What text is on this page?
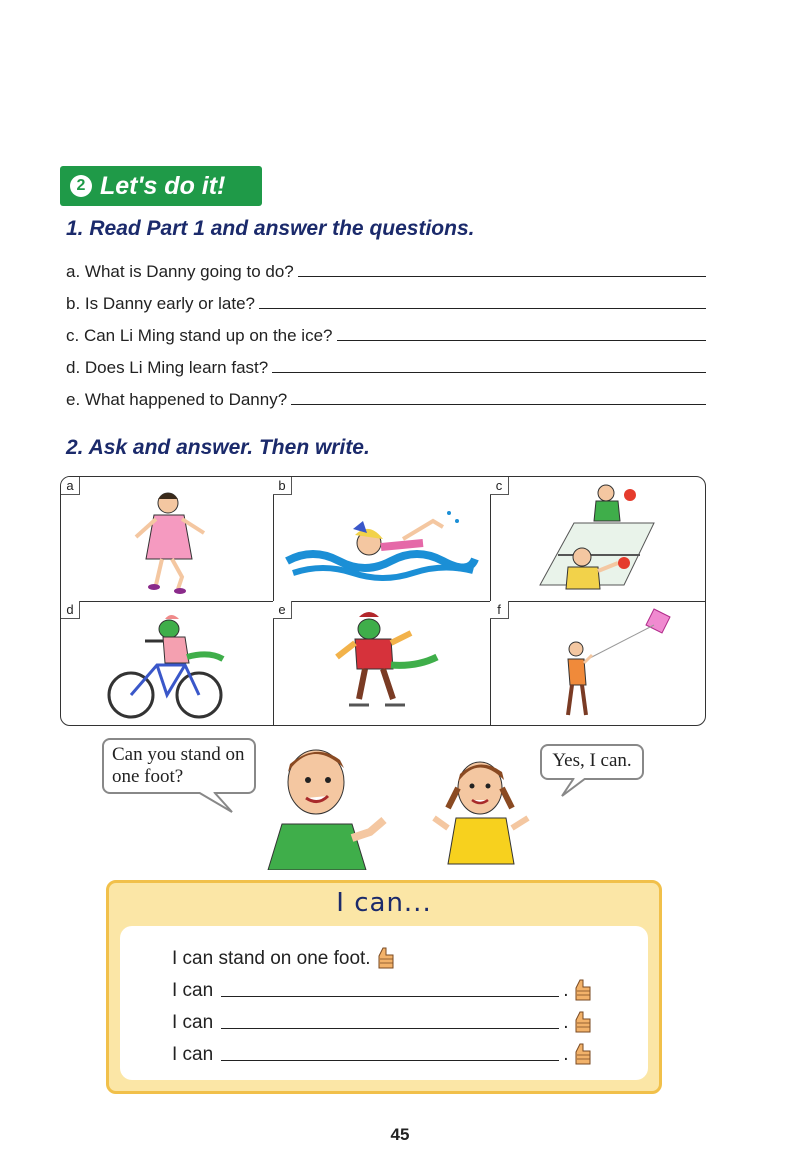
2 Let's do it!
1. Read Part 1 and answer the questions.
a. What is Danny going to do?
b. Is Danny early or late?
c. Can Li Ming stand up on the ice?
d. Does Li Ming learn fast?
e. What happened to Danny?
2. Ask and answer. Then write.
a	b	c
d	e	f
Can you stand on one foot?
Yes, I can.
I can...
I can stand on one foot.
I can	.
I can	.
I can	.
45
